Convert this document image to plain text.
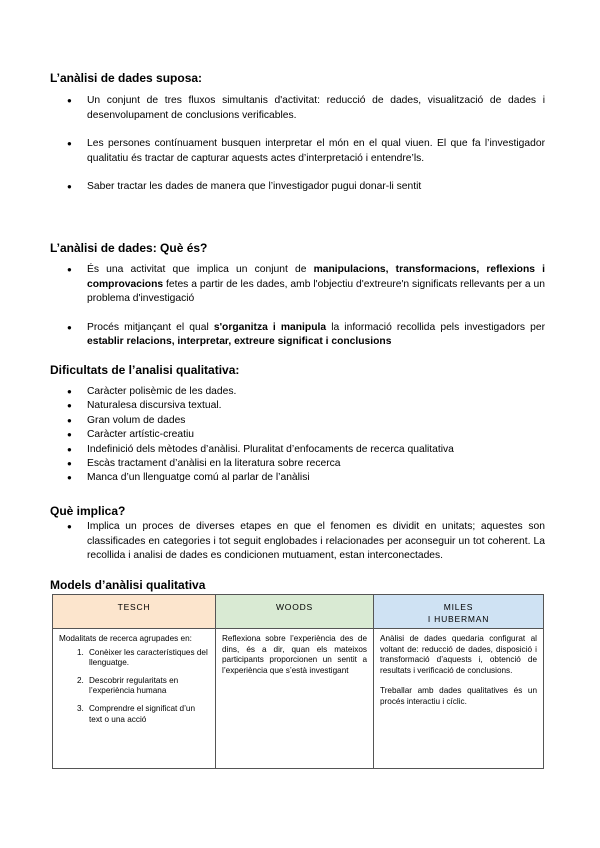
L’anàlisi de dades suposa:
● Un conjunt de tres fluxos simultanis d'activitat: reducció de dades, visualització de dades i desenvolupament de conclusions verificables.
● Les persones contínuament busquen interpretar el món en el qual viuen. El que fa l’investigador qualitatiu és tractar de capturar aquests actes d’interpretació i entendre’ls.
● Saber tractar les dades de manera que l’investigador pugui donar-li sentit
L’anàlisi de dades: Què és?
● És una activitat que implica un conjunt de manipulacions, transformacions, reflexions i comprovacions fetes a partir de les dades, amb l'objectiu d'extreure'n significats rellevants per a un problema d'investigació
● Procés mitjançant el qual s'organitza i manipula la informació recollida pels investigadors per establir relacions, interpretar, extreure significat i conclusions
Dificultats de l’analisi qualitativa:
● Caràcter polisèmic de les dades.
● Naturalesa discursiva textual.
● Gran volum de dades
● Caràcter artístic-creatiu
● Indefinició dels mètodes d’anàlisi. Pluralitat d’enfocaments de recerca qualitativa
● Escàs tractament d’anàlisi en la literatura sobre recerca
● Manca d’un llenguatge comú al parlar de l’anàlisi
Què implica?
● Implica un proces de diverses etapes en que el fenomen es dividit en unitats; aquestes son classificades en categories i tot seguit englobades i relacionades per aconseguir un tot coherent. La recollida i analisi de dades es condicionen mutuament, estan interconectades.
Models d’anàlisi qualitativa
TESCH	WOODS	MILES
I HUBERMAN
Modalitats de recerca agrupades en:
1. Conèixer les característiques del llenguatge.
2. Descobrir regularitats en l’experiència humana
3. Comprendre el significat d’un text o una acció
Reflexiona sobre l’experiència des de dins, és a dir, quan els mateixos participants proporcionen un sentit a l’experiència que s’està investigant
Anàlisi de dades quedaria configurat al voltant de: reducció de dades, disposició i transformació d’aquests i, obtenció de resultats i verificació de conclusions.
Treballar amb dades qualitatives és un procés interactiu i cíclic.
